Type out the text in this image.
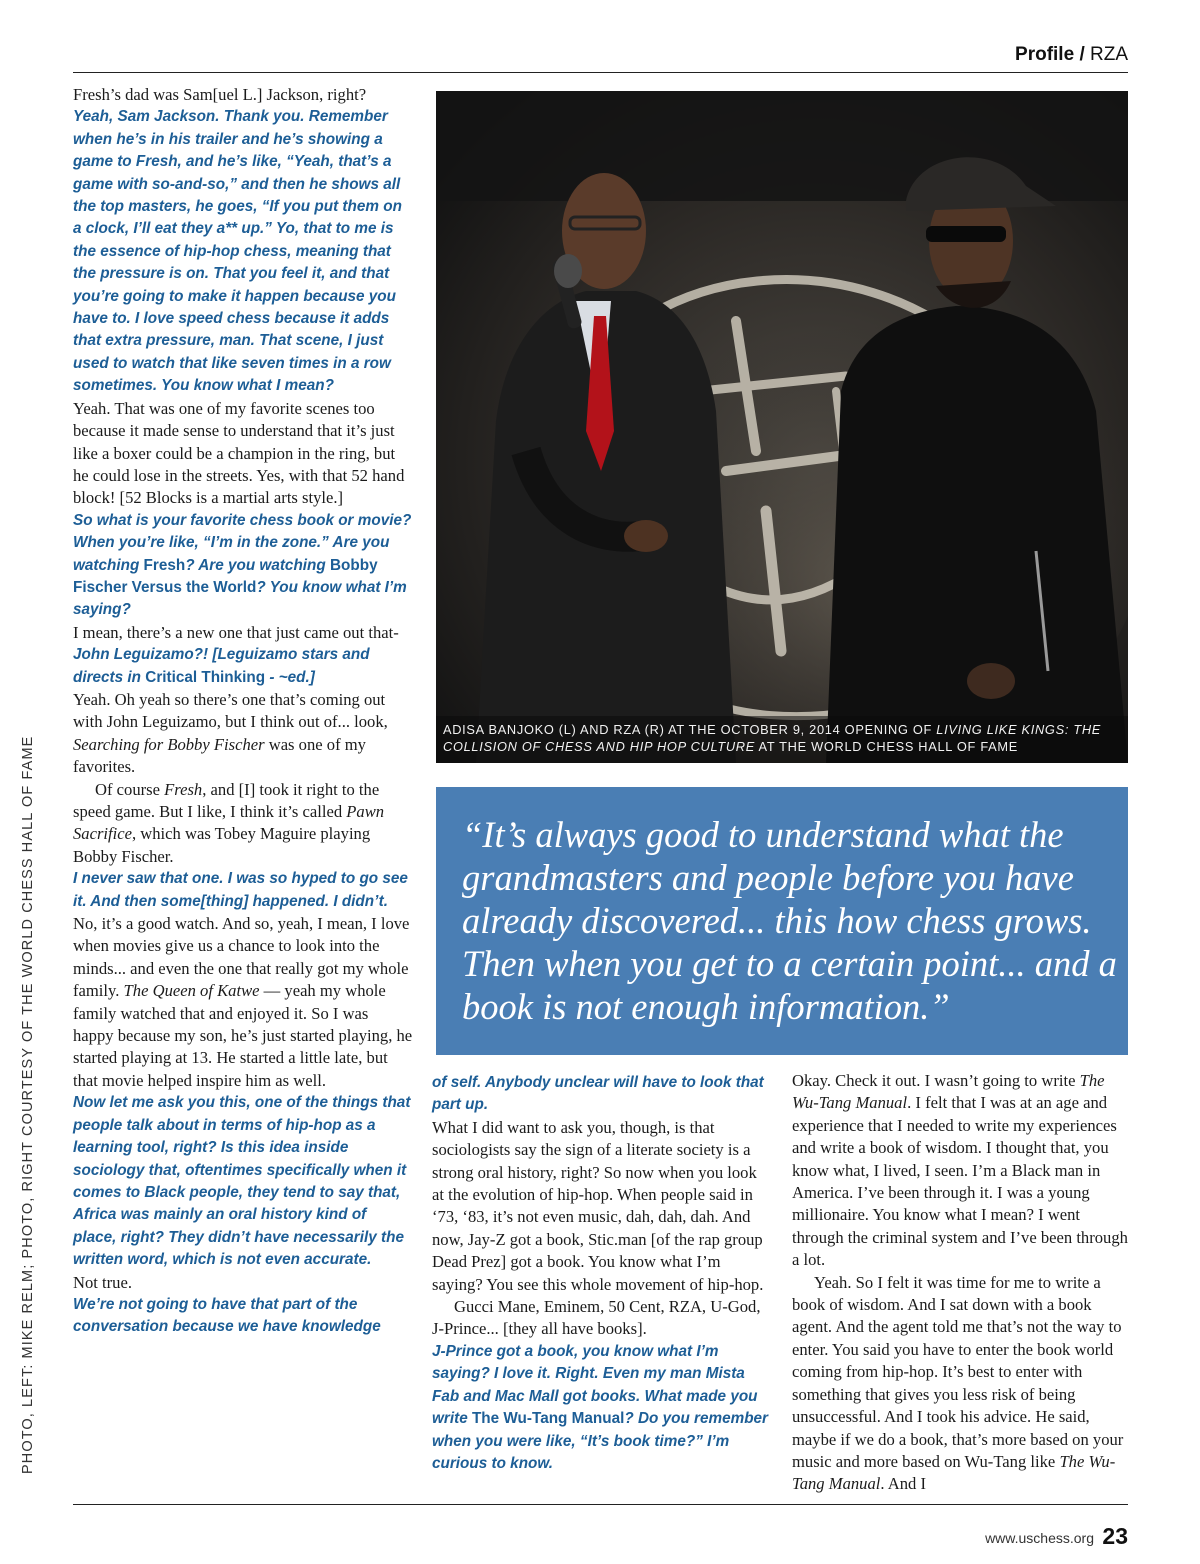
Profile / RZA
PHOTO, LEFT: MIKE RELM; PHOTO, RIGHT COURTESY OF THE WORLD CHESS HALL OF FAME

Fresh’s dad was Sam[uel L.] Jackson, right?

Yeah, Sam Jackson. Thank you. Remember when he’s in his trailer and he’s showing a game to Fresh, and he’s like, “Yeah, that’s a game with so-and-so,” and then he shows all the top masters, he goes, “If you put them on a clock, I’ll eat they a** up.” Yo, that to me is the essence of hip-hop chess, meaning that the pressure is on. That you feel it, and that you’re going to make it happen because you have to. I love speed chess because it adds that extra pressure, man. That scene, I just used to watch that like seven times in a row sometimes. You know what I mean?

Yeah. That was one of my favorite scenes too because it made sense to understand that it’s just like a boxer could be a champion in the ring, but he could lose in the streets. Yes, with that 52 hand block! [52 Blocks is a martial arts style.]

So what is your favorite chess book or movie? When you’re like, “I’m in the zone.” Are you watching Fresh? Are you watching Bobby Fischer Versus the World? You know what I’m saying?

I mean, there’s a new one that just came out that-

John Leguizamo?! [Leguizamo stars and directs in Critical Thinking - ~ed.]

Yeah. Oh yeah so there’s one that’s coming out with John Leguizamo, but I think out of... look, Searching for Bobby Fischer was one of my favorites.

Of course Fresh, and [I] took it right to the speed game. But I like, I think it’s called Pawn Sacrifice, which was Tobey Maguire playing Bobby Fischer.

I never saw that one. I was so hyped to go see it. And then some[thing] happened. I didn’t.

No, it’s a good watch. And so, yeah, I mean, I love when movies give us a chance to look into the minds... and even the one that really got my whole family. The Queen of Katwe — yeah my whole family watched that and enjoyed it. So I was happy because my son, he’s just started playing, he started playing at 13. He started a little late, but that movie helped inspire him as well.

Now let me ask you this, one of the things that people talk about in terms of hip-hop as a learning tool, right? Is this idea inside sociology that, oftentimes specifically when it comes to Black people, they tend to say that, Africa was mainly an oral history kind of place, right? They didn’t have necessarily the written word, which is not even accurate.

Not true.

We’re not going to have that part of the conversation because we have knowledge

ADISA BANJOKO (L) AND RZA (R) AT THE OCTOBER 9, 2014 OPENING OF LIVING LIKE KINGS: THE COLLISION OF CHESS AND HIP HOP CULTURE AT THE WORLD CHESS HALL OF FAME
“It’s always good to understand what the grandmasters and people before you have already discovered... this how chess grows. Then when you get to a certain point... and a book is not enough information.”

of self. Anybody unclear will have to look that part up.

What I did want to ask you, though, is that sociologists say the sign of a literate society is a strong oral history, right? So now when you look at the evolution of hip-hop. When people said in ‘73, ‘83, it’s not even music, dah, dah, dah. And now, Jay-Z got a book, Stic.man [of the rap group Dead Prez] got a book. You know what I’m saying? You see this whole movement of hip-hop.

Gucci Mane, Eminem, 50 Cent, RZA, U-God, J-Prince... [they all have books].

J-Prince got a book, you know what I’m saying? I love it. Right. Even my man Mista Fab and Mac Mall got books. What made you write The Wu-Tang Manual? Do you remember when you were like, “It’s book time?” I’m curious to know.

Okay. Check it out. I wasn’t going to write The Wu-Tang Manual. I felt that I was at an age and experience that I needed to write my experiences and write a book of wisdom. I thought that, you know what, I lived, I seen. I’m a Black man in America. I’ve been through it. I was a young millionaire. You know what I mean? I went through the criminal system and I’ve been through a lot.

Yeah. So I felt it was time for me to write a book of wisdom. And I sat down with a book agent. And the agent told me that’s not the way to enter. You said you have to enter the book world coming from hip-hop. It’s best to enter with something that gives you less risk of being unsuccessful. And I took his advice. He said, maybe if we do a book, that’s more based on your music and more based on Wu-Tang like The Wu-Tang Manual. And I

www.uschess.org 23
